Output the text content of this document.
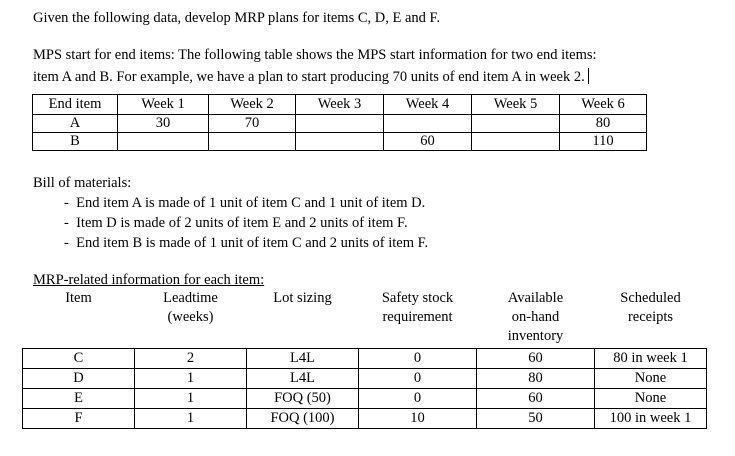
Given the following data, develop MRP plans for items C, D, E and F.
MPS start for end items: The following table shows the MPS start information for two end items:
item A and B. For example, we have a plan to start producing 70 units of end item A in week 2.
End item	Week 1	Week 2	Week 3	Week 4	Week 5	Week 6
A	30	70				80
B				60		110
Bill of materials:
-  End item A is made of 1 unit of item C and 1 unit of item D.
-  Item D is made of 2 units of item E and 2 units of item F.
-  End item B is made of 1 unit of item C and 2 units of item F.
MRP-related information for each item:
Item	Leadtime (weeks)	Lot sizing	Safety stock requirement	Available on-hand inventory	Scheduled receipts

C	2	L4L	0	60	80 in week 1
D	1	L4L	0	80	None
E	1	FOQ (50)	0	60	None
F	1	FOQ (100)	10	50	100 in week 1
